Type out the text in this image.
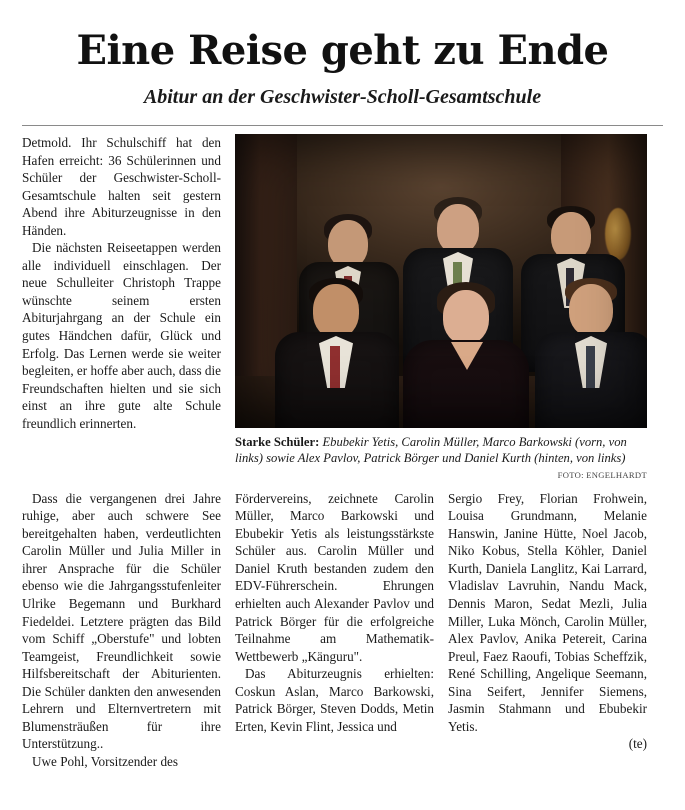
Eine Reise geht zu Ende
Abitur an der Geschwister-Scholl-Gesamtschule

Detmold. Ihr Schulschiff hat den Hafen erreicht: 36 Schülerinnen und Schüler der Geschwister-Scholl-Gesamtschule halten seit gestern Abend ihre Abiturzeugnisse in den Händen.

Die nächsten Reiseetappen werden alle individuell einschlagen. Der neue Schulleiter Christoph Trappe wünschte seinem ersten Abiturjahrgang an der Schule ein gutes Händchen dafür, Glück und Erfolg. Das Lernen werde sie weiter begleiten, er hoffe aber auch, dass die Freundschaften hielten und sie sich einst an ihre gute alte Schule freundlich erinnerten.

Starke Schüler: Ebubekir Yetis, Carolin Müller, Marco Barkowski (vorn, von links) sowie Alex Pavlov, Patrick Börger und Daniel Kurth (hinten, von links)
FOTO: ENGELHARDT

Dass die vergangenen drei Jahre ruhige, aber auch schwere See bereitgehalten haben, verdeutlichten Carolin Müller und Julia Miller in ihrer Ansprache für die Schüler ebenso wie die Jahrgangsstufenleiter Ulrike Begemann und Burkhard Fiedeldei. Letztere prägten das Bild vom Schiff „Oberstufe" und lobten Teamgeist, Freundlichkeit sowie Hilfsbereitschaft der Abiturienten. Die Schüler dankten den anwesenden Lehrern und Elternvertretern mit Blumensträußen für ihre Unterstützung..

Uwe Pohl, Vorsitzender des

Fördervereins, zeichnete Carolin Müller, Marco Barkowski und Ebubekir Yetis als leistungsstärkste Schüler aus. Carolin Müller und Daniel Kruth bestanden zudem den EDV-Führerschein. Ehrungen erhielten auch Alexander Pavlov und Patrick Börger für die erfolgreiche Teilnahme am Mathematik-Wettbewerb „Känguru".

Das Abiturzeugnis erhielten: Coskun Aslan, Marco Barkowski, Patrick Börger, Steven Dodds, Metin Erten, Kevin Flint, Jessica und

Sergio Frey, Florian Frohwein, Louisa Grundmann, Melanie Hanswin, Janine Hütte, Noel Jacob, Niko Kobus, Stella Köhler, Daniel Kurth, Daniela Langlitz, Kai Larrard, Vladislav Lavruhin, Nandu Mack, Dennis Maron, Sedat Mezli, Julia Miller, Luka Mönch, Carolin Müller, Alex Pavlov, Anika Petereit, Carina Preul, Faez Raoufi, Tobias Scheffzik, René Schilling, Angelique Seemann, Sina Seifert, Jennifer Siemens, Jasmin Stahmann und Ebubekir Yetis.

(te)
